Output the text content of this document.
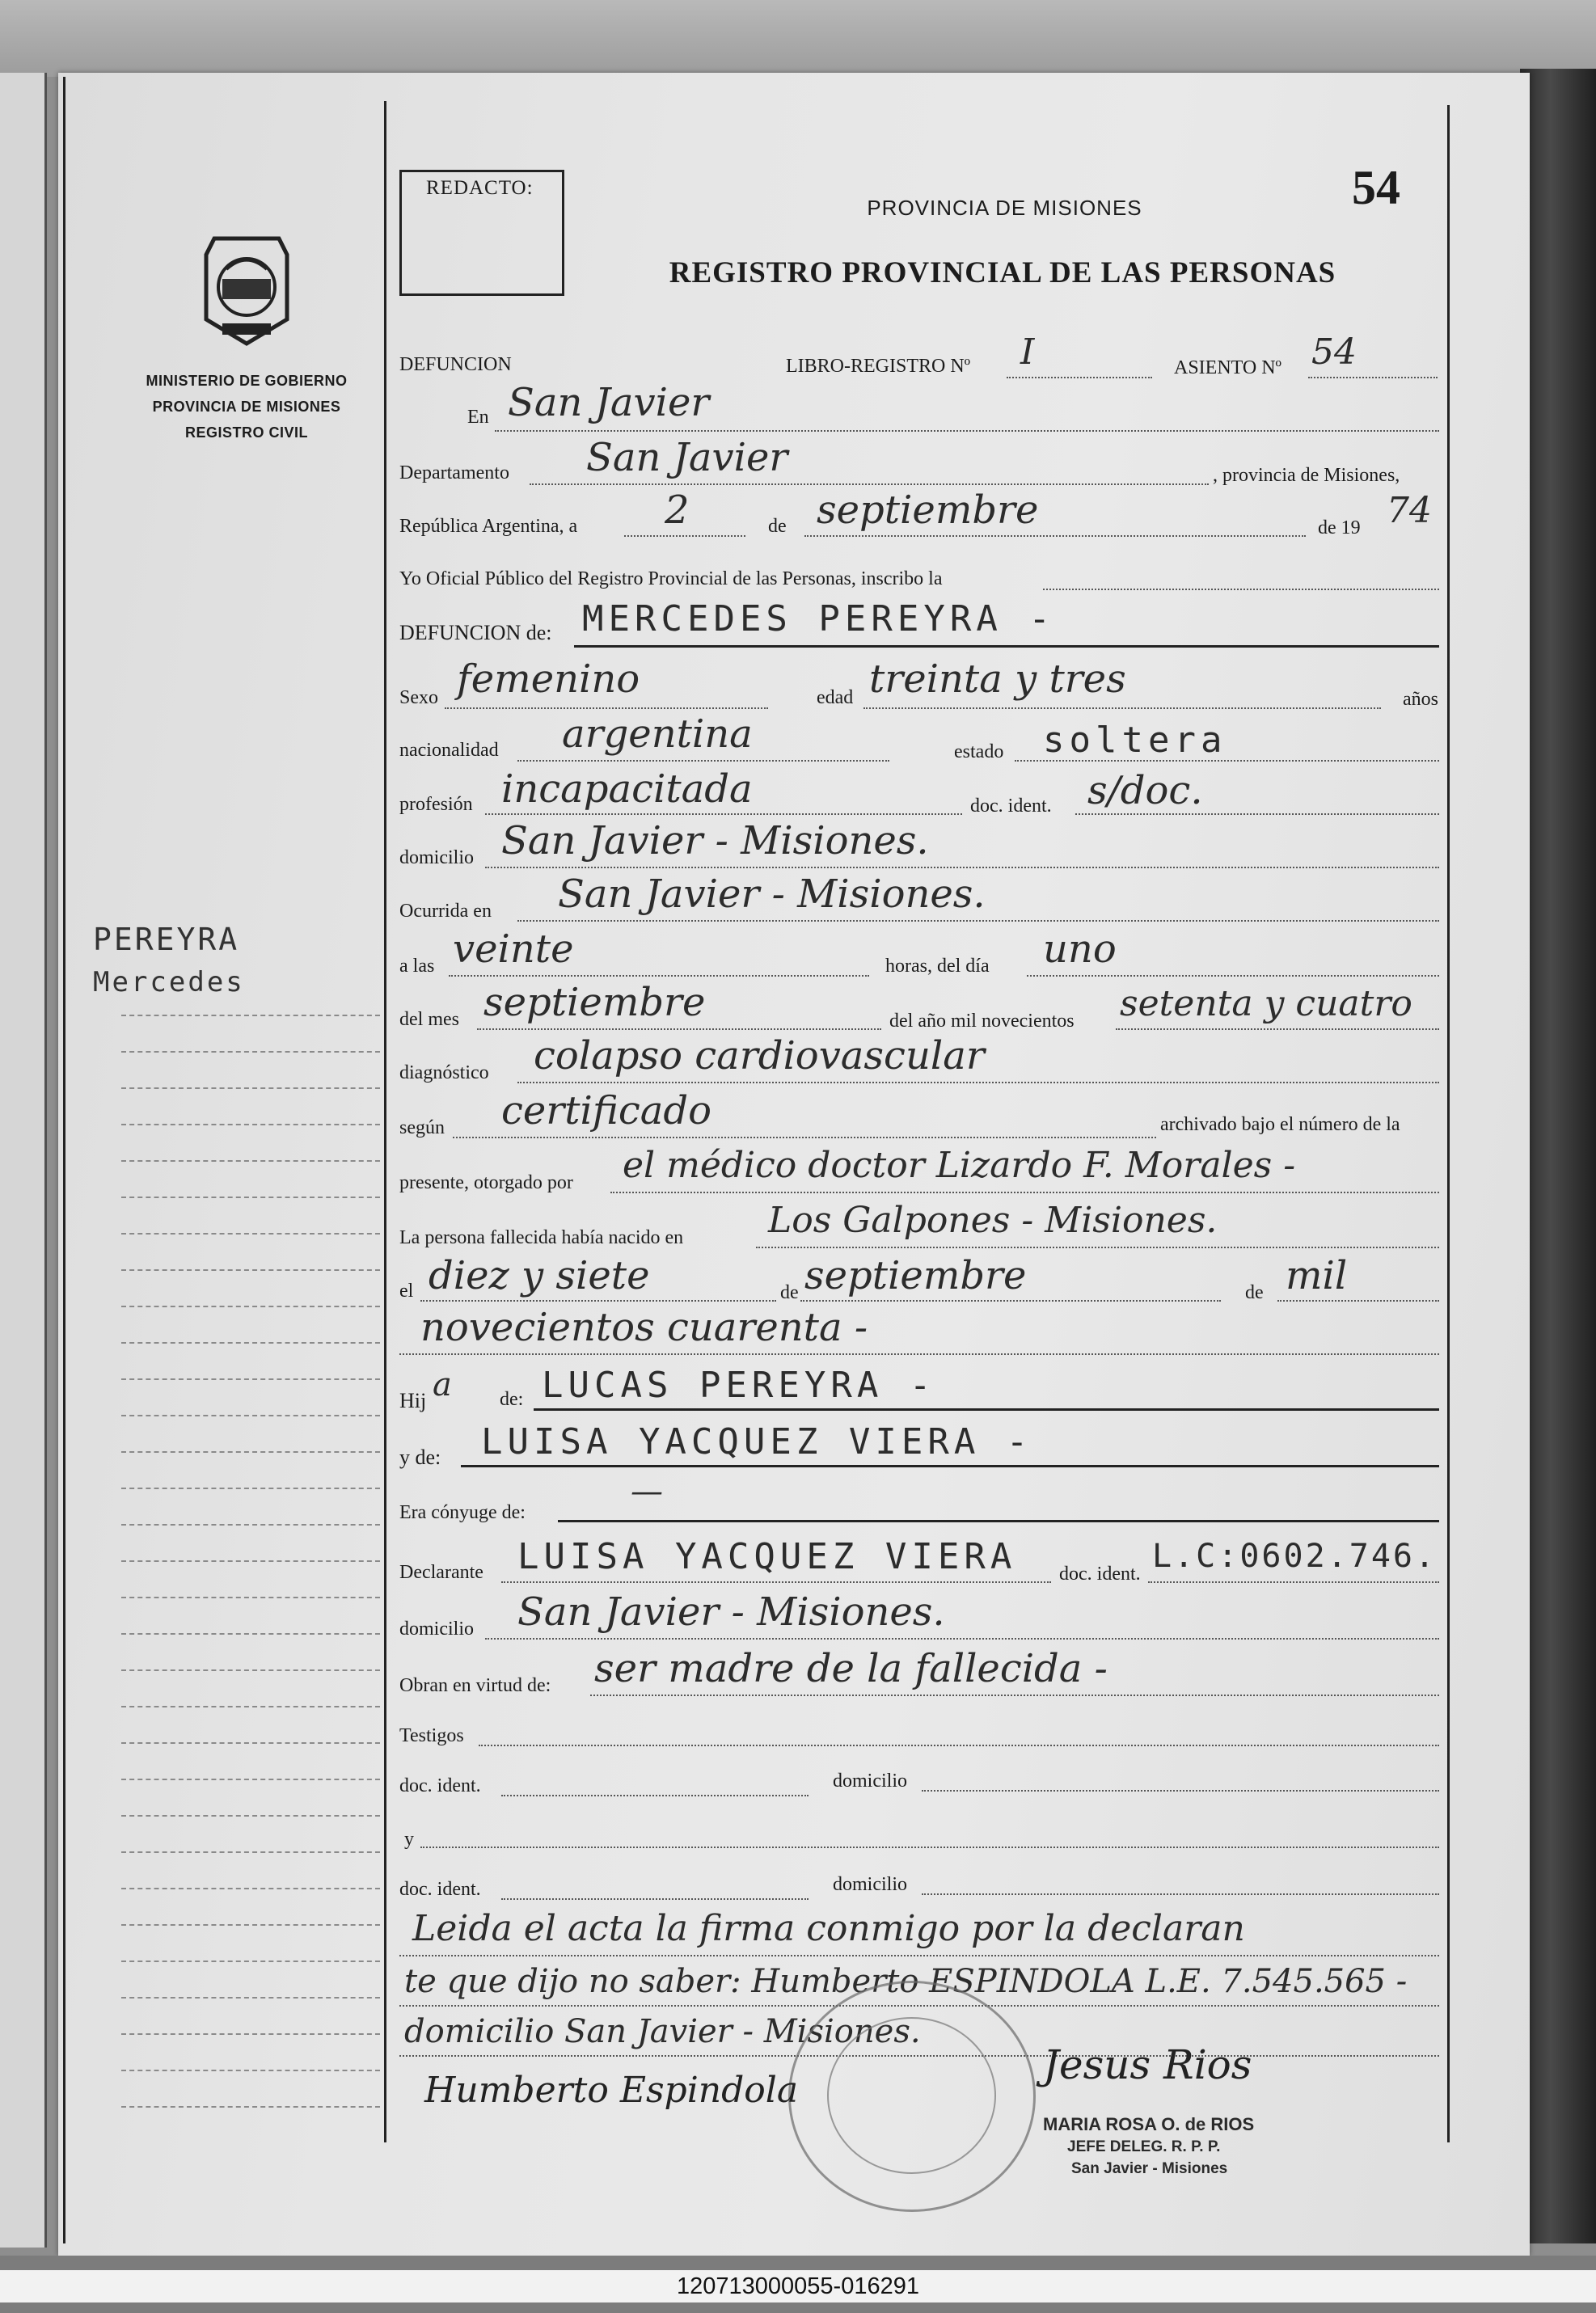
MINISTERIO DE GOBIERNO
PROVINCIA DE MISIONES
REGISTRO CIVIL
PEREYRA
Mercedes
REDACTO:	54
PROVINCIA DE MISIONES
REGISTRO PROVINCIAL DE LAS PERSONAS
DEFUNCION	LIBRO-REGISTRO Nº I	ASIENTO Nº 54
En San Javier
Departamento San Javier	, provincia de Misiones,
República Argentina, a 2	de septiembre	de 19 74
Yo Oficial Público del Registro Provincial de las Personas, inscribo la
DEFUNCION de: MERCEDES PEREYRA -
Sexo femenino	edad treinta y tres	años
nacionalidad argentina	estado soltera
profesión incapacitada	doc. ident. s/doc.
domicilio San Javier - Misiones.
Ocurrida en San Javier - Misiones.
a las veinte	horas, del día uno
del mes septiembre	del año mil novecientos setenta y cuatro
diagnóstico colapso cardiovascular
según certificado	archivado bajo el número de la
presente, otorgado por el médico doctor Lizardo F. Morales -
La persona fallecida había nacido en Los Galpones - Misiones.
el diez y siete	de septiembre	de mil
novecientos cuarenta -
Hij a de: LUCAS PEREYRA -
y de: LUISA YACQUEZ VIERA -
Era cónyuge de:
—
Declarante LUISA YACQUEZ VIERA doc. ident. L.C:0602.746.
domicilio San Javier - Misiones.
Obran en virtud de: ser madre de la fallecida -
Testigos
doc. ident.	domicilio
y
doc. ident.	domicilio
Leida el acta la firma conmigo por la declaran
te que dijo no saber: Humberto ESPINDOLA L.E. 7.545.565 -
domicilio San Javier - Misiones.
Humberto Espindola
Jesus Rios
MARIA ROSA O. de RIOS
JEFE DELEG. R. P. P.
San Javier - Misiones
120713000055-016291
